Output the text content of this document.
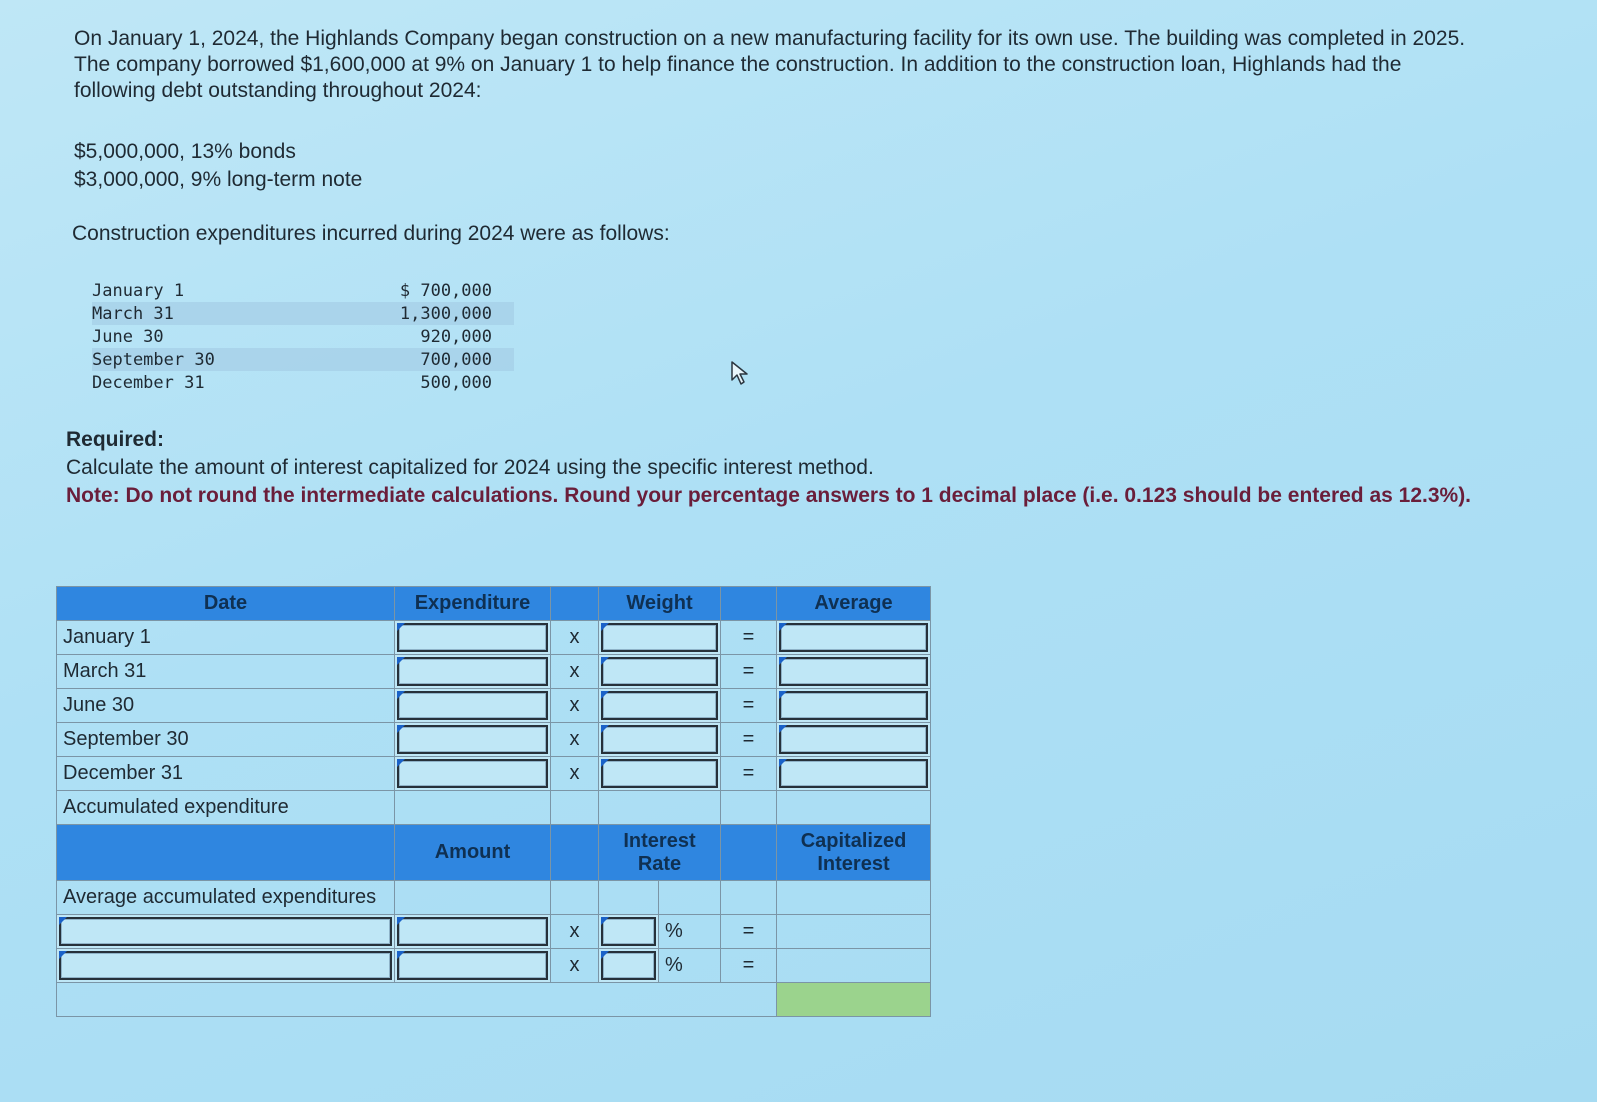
On January 1, 2024, the Highlands Company began construction on a new manufacturing facility for its own use. The building was completed in 2025. The company borrowed $1,600,000 at 9% on January 1 to help finance the construction. In addition to the construction loan, Highlands had the following debt outstanding throughout 2024:
$5,000,000, 13% bonds
$3,000,000, 9% long-term note
Construction expenditures incurred during 2024 were as follows:
January 1	$ 700,000
March 31	1,300,000
June 30	920,000
September 30	700,000
December 31	500,000
Required:
Calculate the amount of interest capitalized for 2024 using the specific interest method.
Note: Do not round the intermediate calculations. Round your percentage answers to 1 decimal place (i.e. 0.123 should be entered as 12.3%).
Date	Expenditure		Weight			Average
January 1		x			=	

March 31		x			=	

June 30		x			=	

September 30		x			=	

December 31		x			=	

Accumulated expenditure						
	Amount		Interest Rate			Capitalized Interest
Average accumulated expenditures						

	x		%	=	

	x		%	=	
